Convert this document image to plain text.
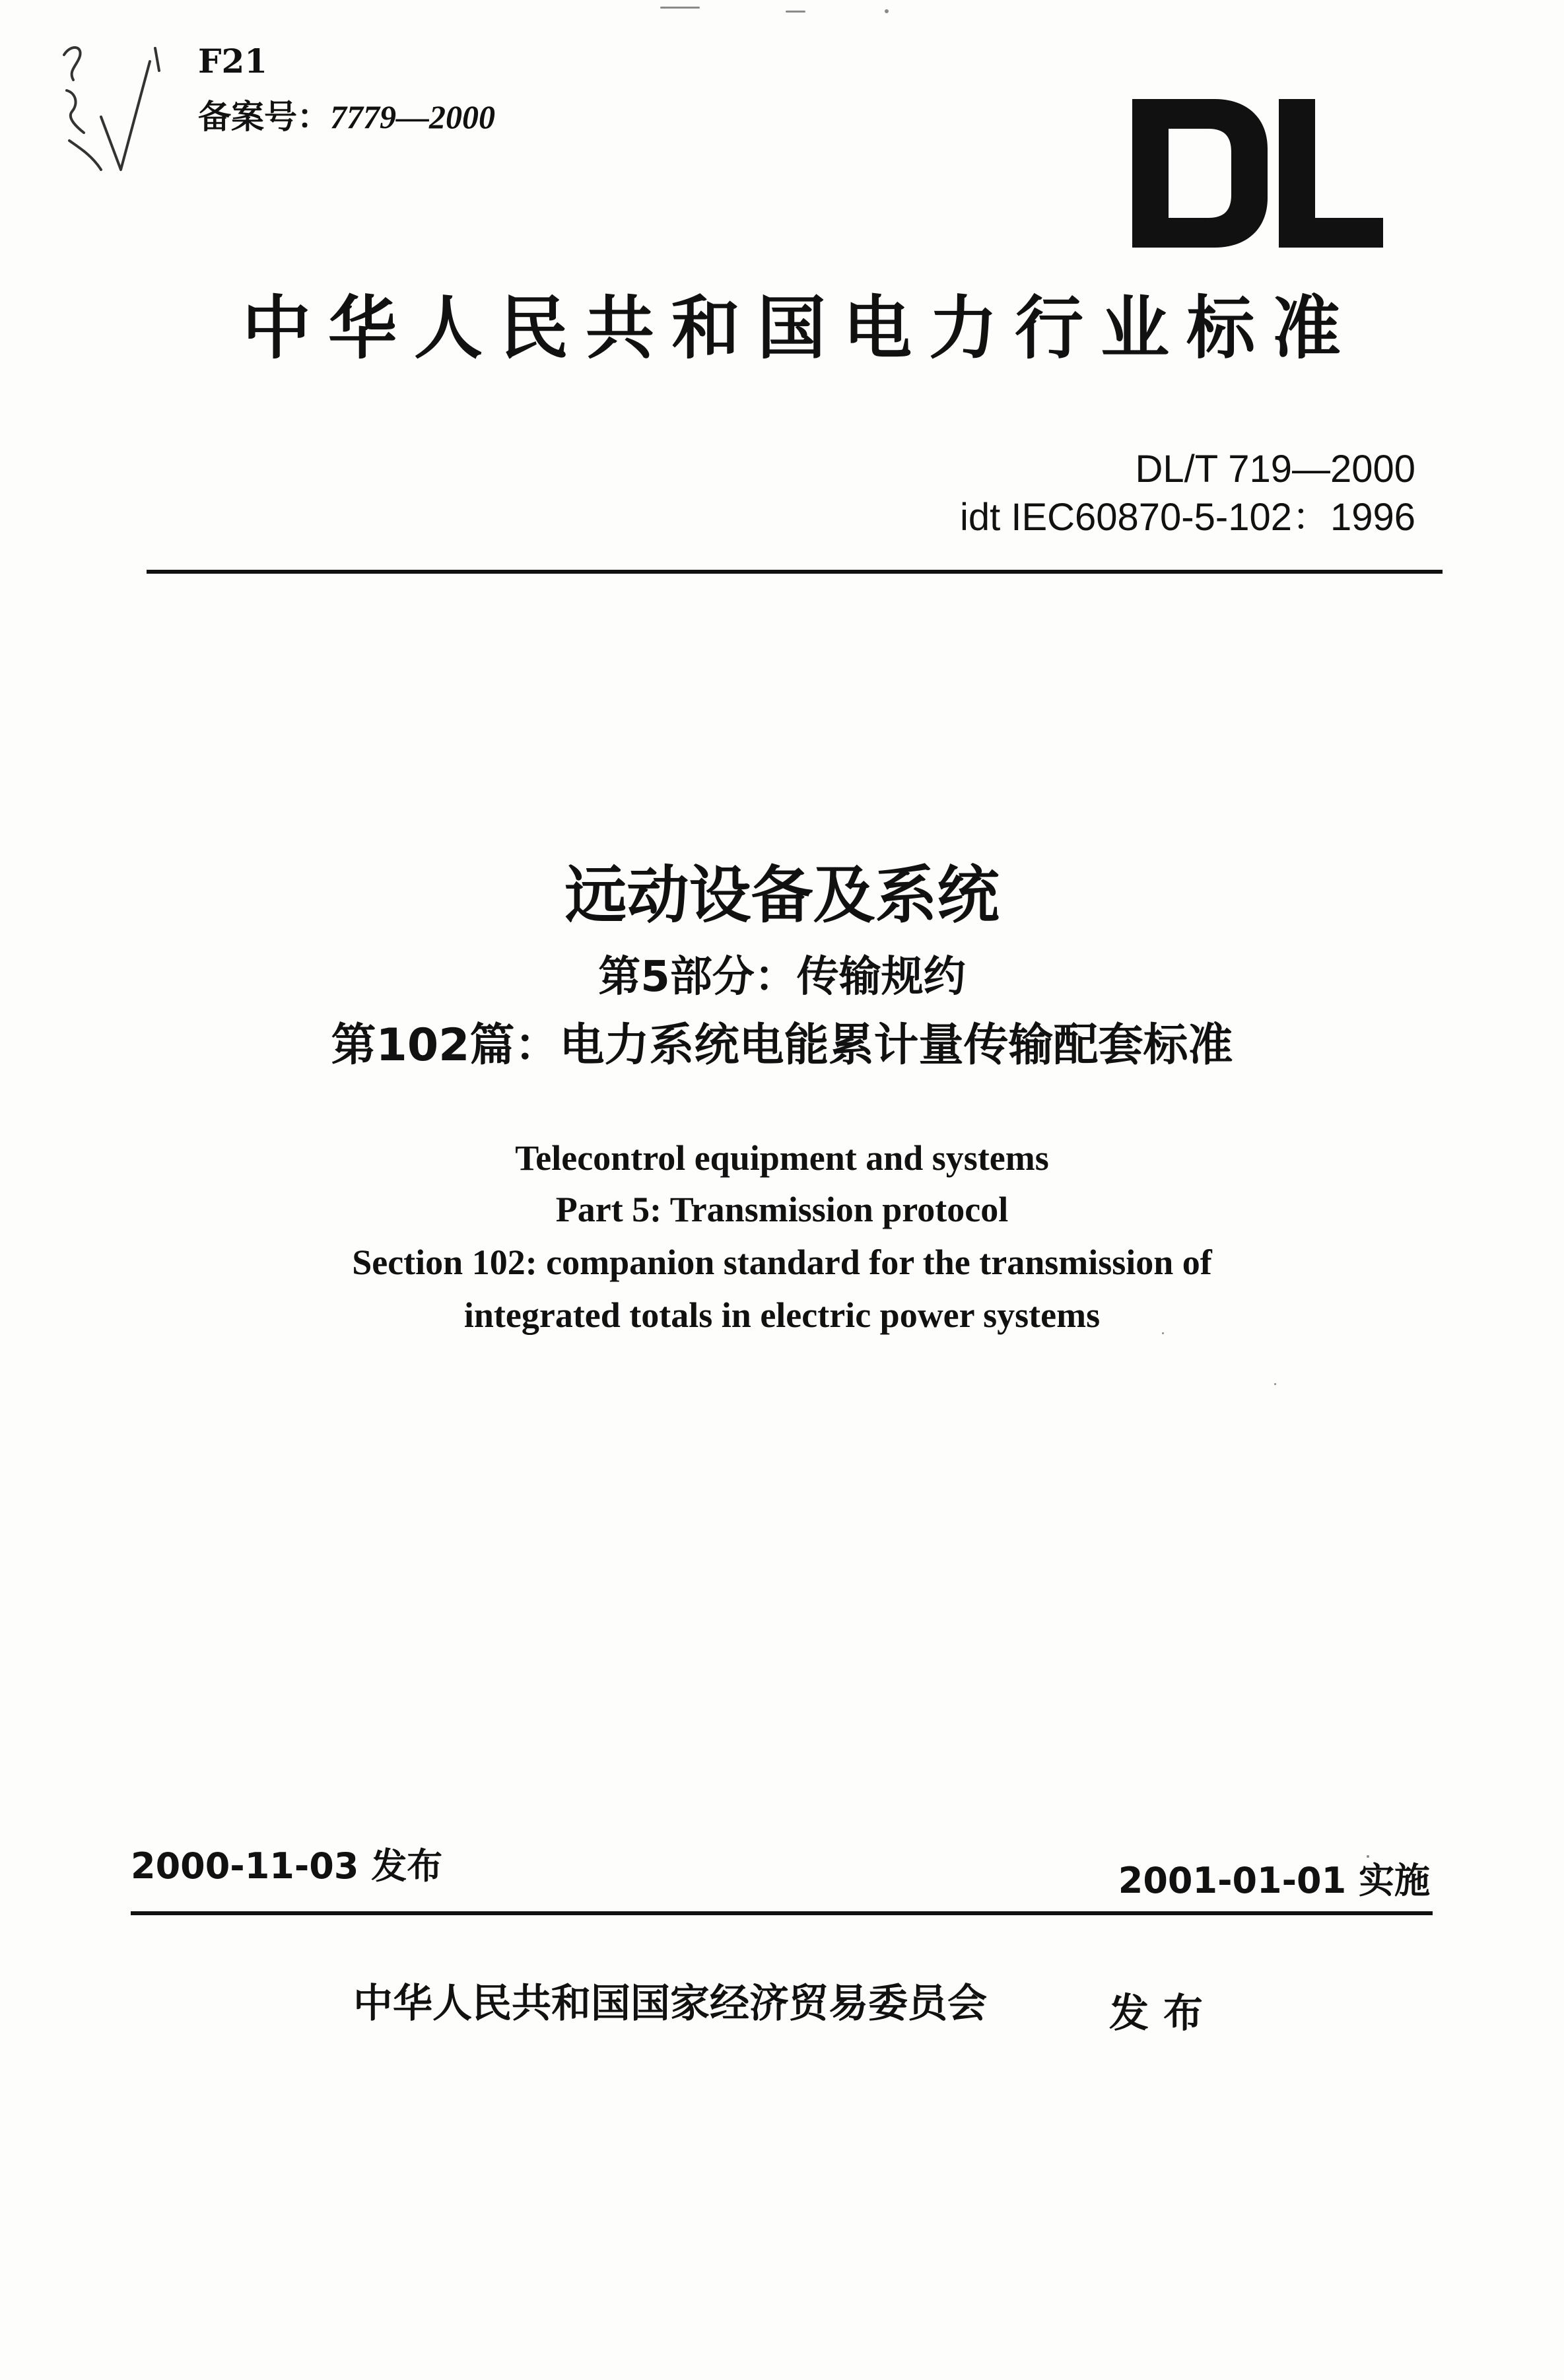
F21
备案号：7779—2000
中华人民共和国电力行业标准
DL/T 719—2000
idt IEC60870-5-102：1996
远动设备及系统
第5部分：传输规约
第102篇：电力系统电能累计量传输配套标准
Telecontrol equipment and systems
Part 5: Transmission protocol
Section 102: companion standard for the transmission of
integrated totals in electric power systems
2000-11-03 发布	2001-01-01 实施
中华人民共和国国家经济贸易委员会	发布
